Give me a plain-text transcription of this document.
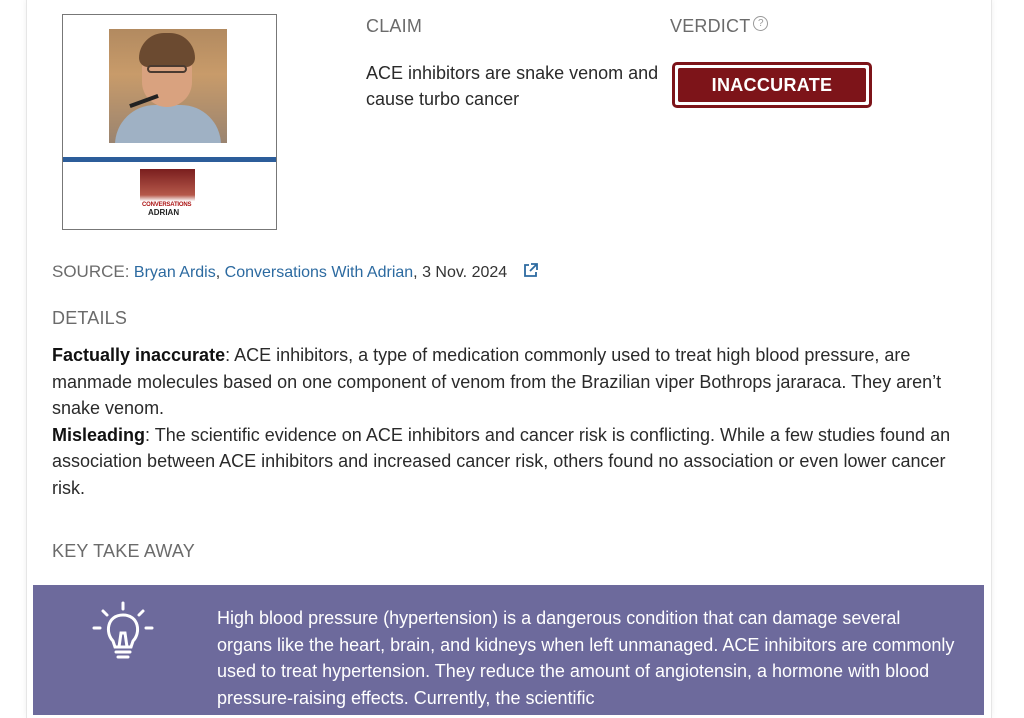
CONVERSATIONS
ADRIAN
CLAIM
ACE inhibitors are snake venom and cause turbo cancer
VERDICT ?
INACCURATE
SOURCE: Bryan Ardis, Conversations With Adrian, 3 Nov. 2024
DETAILS

Factually inaccurate: ACE inhibitors, a type of medication commonly used to treat high blood pressure, are manmade molecules based on one component of venom from the Brazilian viper Bothrops jararaca. They aren’t snake venom.

Misleading: The scientific evidence on ACE inhibitors and cancer risk is conflicting. While a few studies found an association between ACE inhibitors and increased cancer risk, others found no association or even lower cancer risk.

KEY TAKE AWAY
High blood pressure (hypertension) is a dangerous condition that can damage several organs like the heart, brain, and kidneys when left unmanaged. ACE inhibitors are commonly used to treat hypertension. They reduce the amount of angiotensin, a hormone with blood pressure-raising effects. Currently, the scientific
